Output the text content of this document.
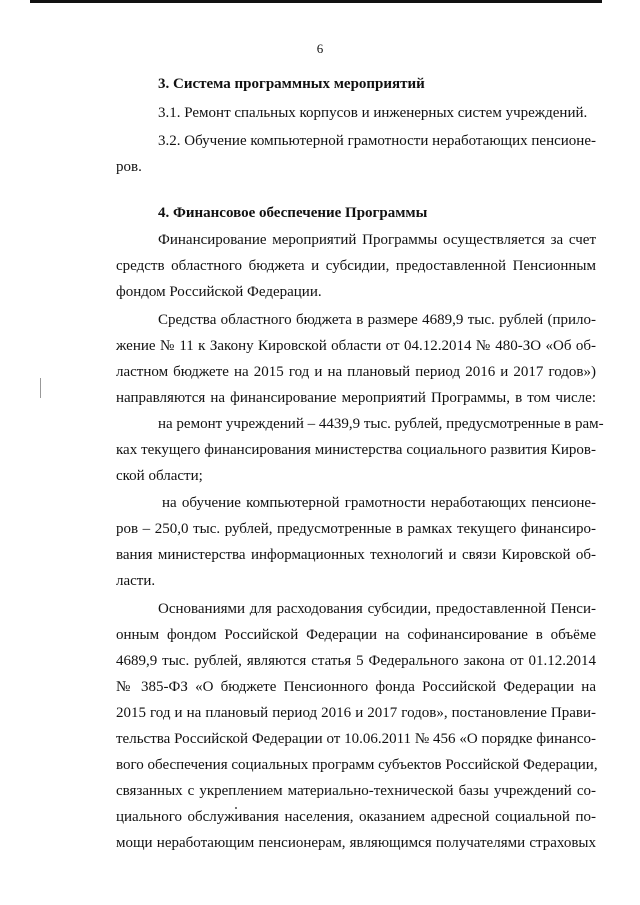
6
3. Система программных мероприятий
3.1. Ремонт спальных корпусов и инженерных систем учреждений.
3.2. Обучение компьютерной грамотности неработающих пенсионе-
ров.
4. Финансовое обеспечение Программы
Финансирование мероприятий Программы осуществляется за счет
средств областного бюджета и субсидии, предоставленной Пенсионным
фондом Российской Федерации.
Средства областного бюджета в размере 4689,9 тыс. рублей (прило-
жение № 11 к Закону Кировской области от 04.12.2014 № 480-ЗО «Об об-
ластном бюджете на 2015 год и на плановый период 2016 и 2017 годов»)
направляются на финансирование мероприятий Программы, в том числе:
на ремонт учреждений – 4439,9 тыс. рублей, предусмотренные в рам-
ках текущего финансирования министерства социального развития Киров-
ской области;
на обучение компьютерной грамотности неработающих пенсионе-
ров – 250,0 тыс. рублей, предусмотренные в рамках текущего финансиро-
вания министерства информационных технологий и связи Кировской об-
ласти.
Основаниями для расходования субсидии, предоставленной Пенси-
онным фондом Российской Федерации на софинансирование в объёме
4689,9 тыс. рублей, являются статья 5 Федерального закона от 01.12.2014
№ 385-ФЗ «О бюджете Пенсионного фонда Российской Федерации на
2015 год и на плановый период 2016 и 2017 годов», постановление Прави-
тельства Российской Федерации от 10.06.2011 № 456 «О порядке финансо-
вого обеспечения социальных программ субъектов Российской Федерации,
связанных с укреплением материально-технической базы учреждений со-
циального обслуживания населения, оказанием адресной социальной по-
мощи неработающим пенсионерам, являющимся получателями страховых
